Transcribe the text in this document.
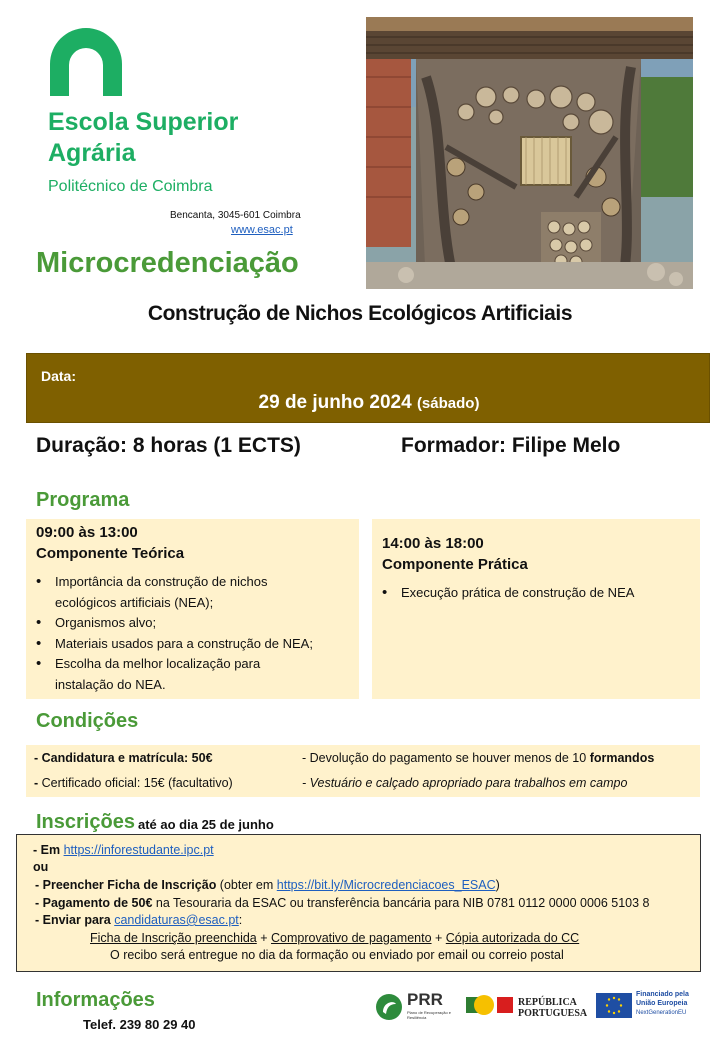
Escola Superior
Agrária
Politécnico de Coimbra
Bencanta, 3045-601 Coimbra
www.esac.pt
Microcredenciação
Construção de Nichos Ecológicos Artificiais
Data:
29 de junho 2024 (sábado)
Duração: 8 horas (1 ECTS)	Formador: Filipe Melo
Programa
09:00 às 13:00
Componente Teórica
• Importância da construção de nichos
ecológicos artificiais (NEA);
• Organismos alvo;
• Materiais usados para a construção de NEA;
• Escolha da melhor localização para
instalação do NEA.
14:00 às 18:00
Componente Prática
• Execução prática de construção de NEA
Condições
- Candidatura e matrícula: 50€	- Devolução do pagamento se houver menos de 10 formandos
- Certificado oficial: 15€ (facultativo)	- Vestuário e calçado apropriado para trabalhos em campo
Inscrições até ao dia 25 de junho
- Em https://inforestudante.ipc.pt
ou
- Preencher Ficha de Inscrição (obter em https://bit.ly/Microcredenciacoes_ESAC)
- Pagamento de 50€ na Tesouraria da ESAC ou transferência bancária para NIB 0781 0112 0000 0006 5103 8
- Enviar para candidaturas@esac.pt:
Ficha de Inscrição preenchida + Comprovativo de pagamento + Cópia autorizada do CC
O recibo será entregue no dia da formação ou enviado por email ou correio postal
Informações
Telef. 239 80 29 40
PRR
Plano de Recuperação e Resiliência
REPÚBLICA
PORTUGUESA
Financiado pela
União Europeia
NextGenerationEU
